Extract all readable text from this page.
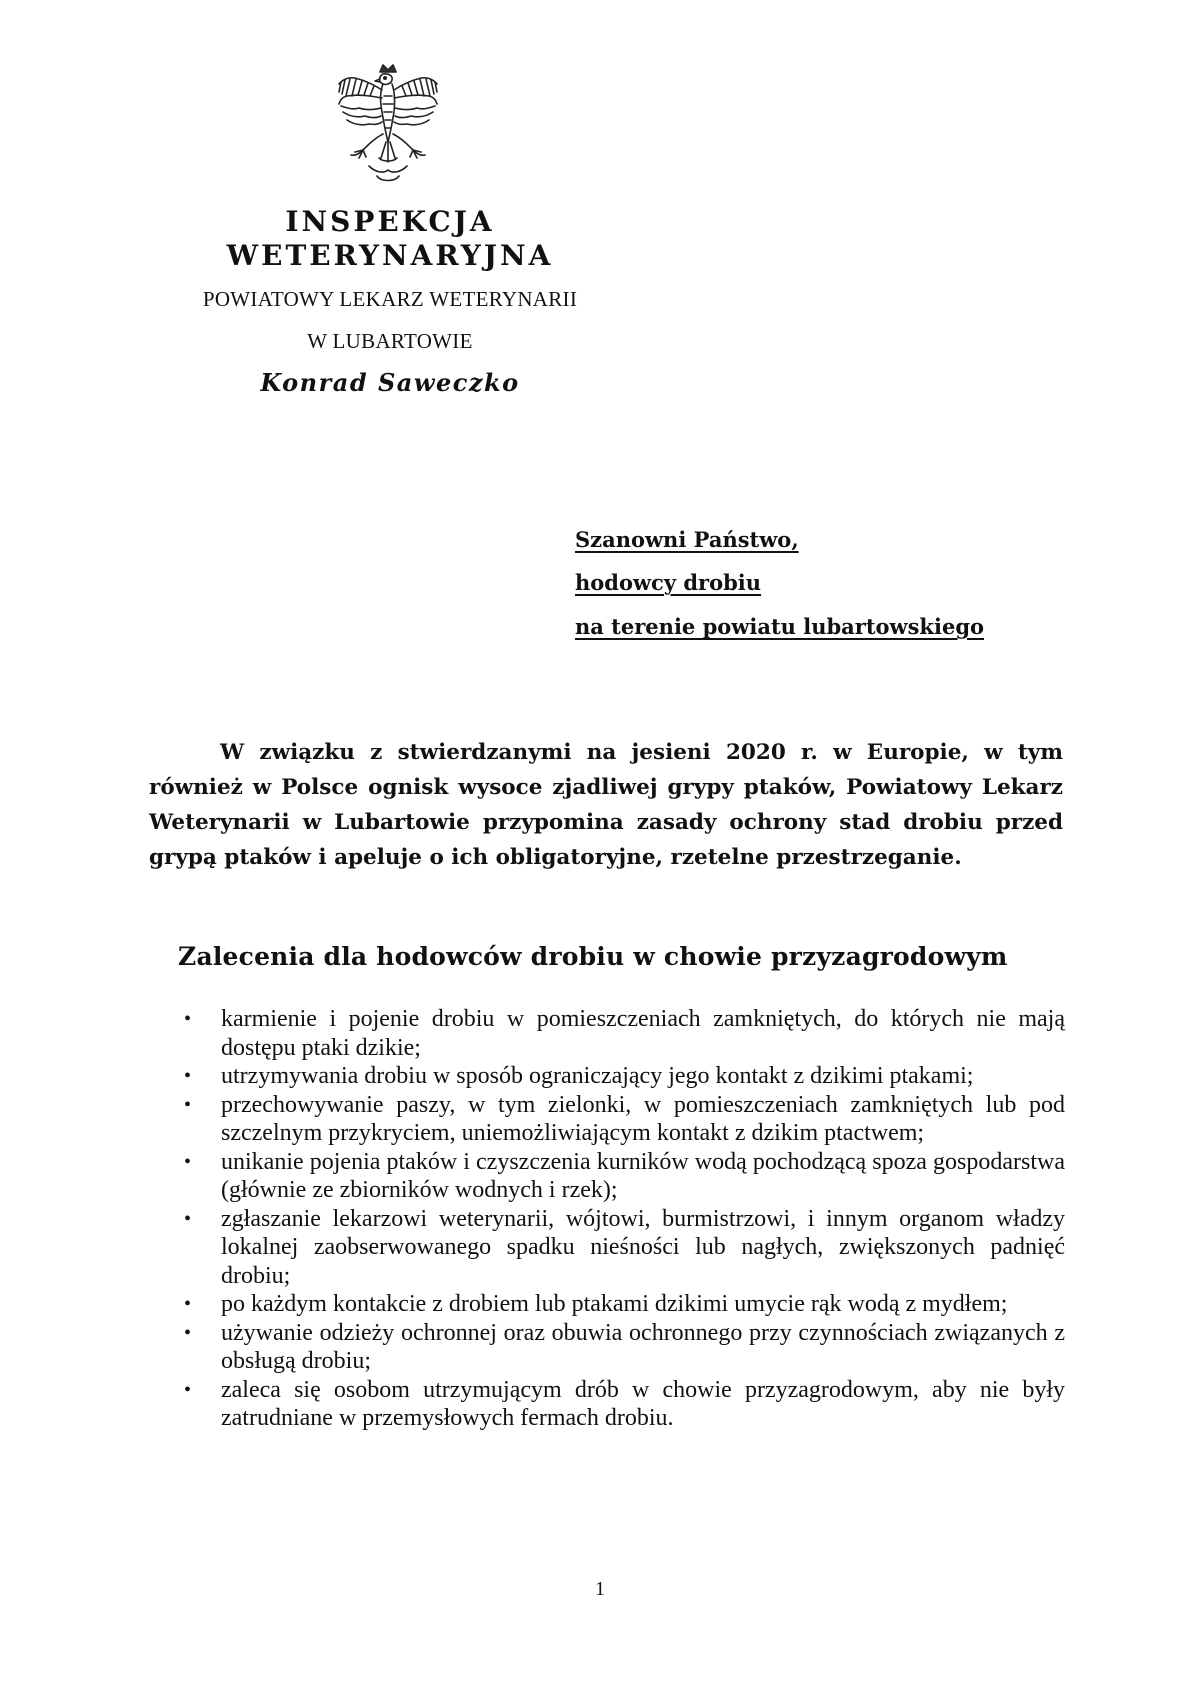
INSPEKCJA
WETERYNARYJNA

POWIATOWY LEKARZ WETERYNARII

W LUBARTOWIE

Konrad Saweczko

Szanowni Państwo,

hodowcy drobiu

na terenie powiatu lubartowskiego

W związku z stwierdzanymi na jesieni 2020 r. w Europie, w tym również w Polsce ognisk wysoce zjadliwej grypy ptaków, Powiatowy Lekarz Weterynarii w Lubartowie przypomina zasady ochrony stad drobiu przed grypą ptaków i apeluje o ich obligatoryjne, rzetelne przestrzeganie.

Zalecenia dla hodowców drobiu w chowie przyzagrodowym
• karmienie i pojenie drobiu w pomieszczeniach zamkniętych, do których nie mają dostępu ptaki dzikie;
• utrzymywania drobiu w sposób ograniczający jego kontakt z dzikimi ptakami;
• przechowywanie paszy, w tym zielonki, w pomieszczeniach zamkniętych lub pod szczelnym przykryciem, uniemożliwiającym kontakt z dzikim ptactwem;
• unikanie pojenia ptaków i czyszczenia kurników wodą pochodzącą spoza gospodarstwa (głównie ze zbiorników wodnych i rzek);
• zgłaszanie lekarzowi weterynarii, wójtowi, burmistrzowi, i innym organom władzy lokalnej zaobserwowanego spadku nieśności lub nagłych, zwiększonych padnięć drobiu;
• po każdym kontakcie z drobiem lub ptakami dzikimi umycie rąk wodą z mydłem;
• używanie odzieży ochronnej oraz obuwia ochronnego przy czynnościach związanych z obsługą drobiu;
• zaleca się osobom utrzymującym drób w chowie przyzagrodowym, aby nie były zatrudniane w przemysłowych fermach drobiu.

1
